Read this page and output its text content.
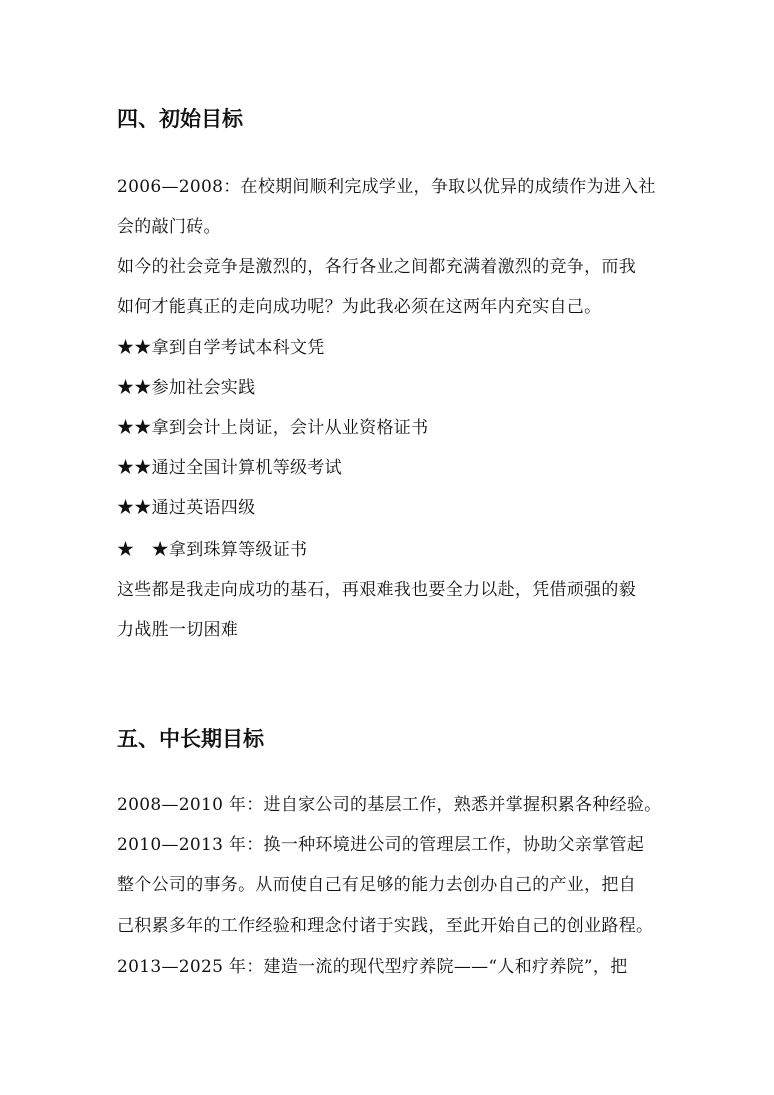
四、初始目标

2006—2008：在校期间顺利完成学业，争取以优异的成绩作为进入社

会的敲门砖。

如今的社会竞争是激烈的，各行各业之间都充满着激烈的竞争，而我

如何才能真正的走向成功呢？为此我必须在这两年内充实自己。

★★拿到自学考试本科文凭

★★参加社会实践

★★拿到会计上岗证，会计从业资格证书

★★通过全国计算机等级考试

★★通过英语四级

★　★拿到珠算等级证书

这些都是我走向成功的基石，再艰难我也要全力以赴，凭借顽强的毅

力战胜一切困难

五、中长期目标

2008—2010 年：进自家公司的基层工作，熟悉并掌握积累各种经验。

2010—2013 年：换一种环境进公司的管理层工作，协助父亲掌管起

整个公司的事务。从而使自己有足够的能力去创办自己的产业，把自

己积累多年的工作经验和理念付诸于实践，至此开始自己的创业路程。

2013—2025 年：建造一流的现代型疗养院——“人和疗养院”，把
